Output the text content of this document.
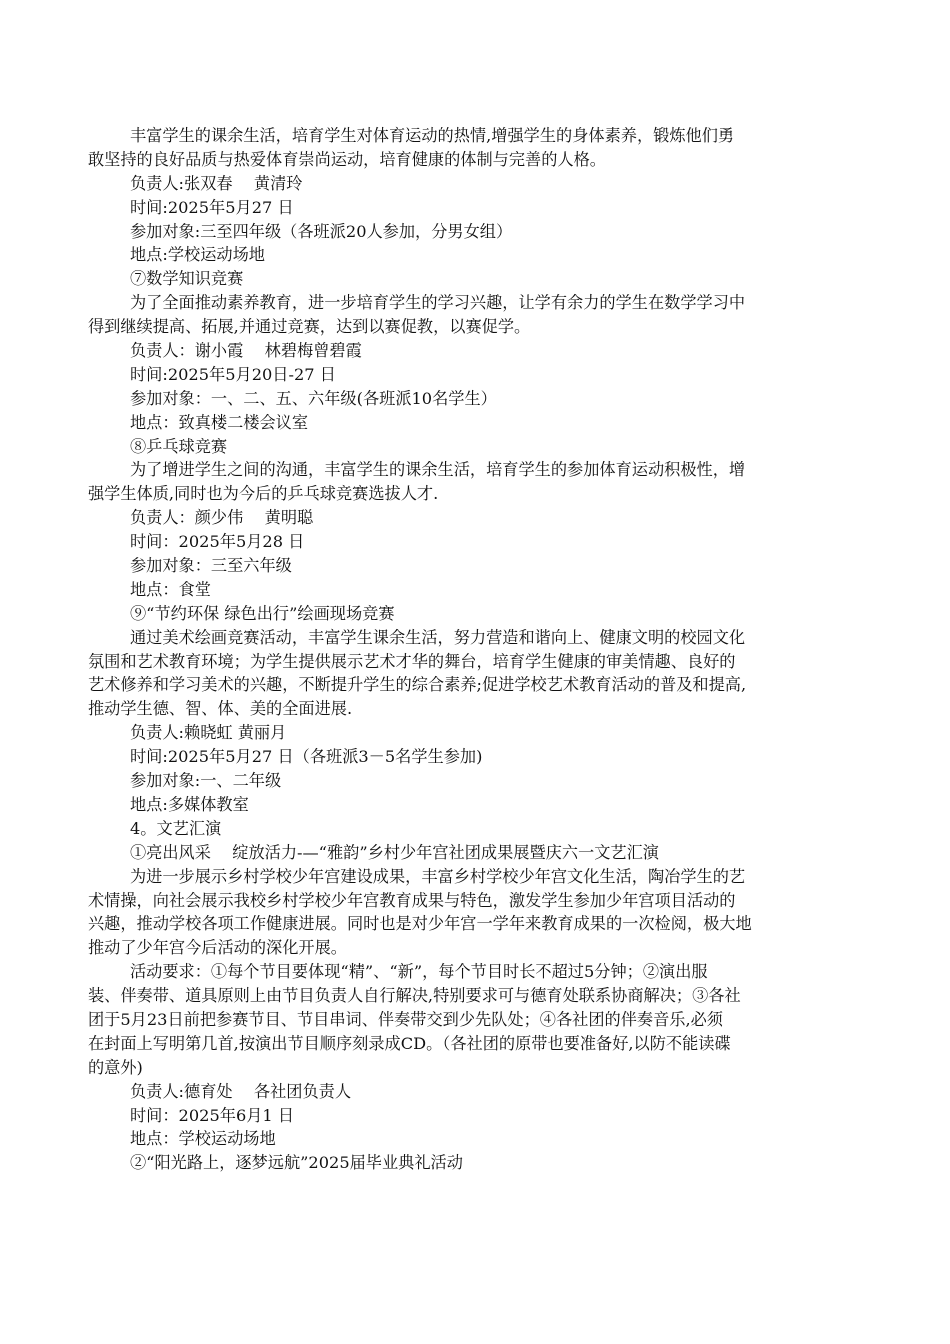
丰富学生的课余生活，培育学生对体育运动的热情,增强学生的身体素养，锻炼他们勇
敢坚持的良好品质与热爱体育崇尚运动，培育健康的体制与完善的人格。
负责人:张双春　 黄清玲
时间:2025年5月27 日
参加对象:三至四年级（各班派20人参加，分男女组）
地点:学校运动场地
⑦数学知识竞赛
为了全面推动素养教育，进一步培育学生的学习兴趣，让学有余力的学生在数学学习中
得到继续提高、拓展,并通过竞赛，达到以赛促教，以赛促学。
负责人：谢小霞　 林碧梅曾碧霞
时间:2025年5月20日-27 日
参加对象：一、二、五、六年级(各班派10名学生）
地点：致真楼二楼会议室
⑧乒乓球竞赛
为了增进学生之间的沟通，丰富学生的课余生活，培育学生的参加体育运动积极性，增
强学生体质,同时也为今后的乒乓球竞赛选拔人才.
负责人：颜少伟　 黄明聪
时间：2025年5月28 日
参加对象：三至六年级
地点：食堂
⑨“节约环保 绿色出行”绘画现场竞赛
通过美术绘画竞赛活动，丰富学生课余生活，努力营造和谐向上、健康文明的校园文化
氛围和艺术教育环境；为学生提供展示艺术才华的舞台，培育学生健康的审美情趣、良好的
艺术修养和学习美术的兴趣，不断提升学生的综合素养;促进学校艺术教育活动的普及和提高,
推动学生德、智、体、美的全面进展.
负责人:赖晓虹 黄丽月
时间:2025年5月27 日（各班派3－5名学生参加)
参加对象:一、二年级
地点:多媒体教室
4。文艺汇演
①亮出风采　 绽放活力-—“雅韵”乡村少年宫社团成果展暨庆六一文艺汇演
为进一步展示乡村学校少年宫建设成果，丰富乡村学校少年宫文化生活，陶冶学生的艺
术情操，向社会展示我校乡村学校少年宫教育成果与特色，激发学生参加少年宫项目活动的
兴趣，推动学校各项工作健康进展。同时也是对少年宫一学年来教育成果的一次检阅，极大地
推动了少年宫今后活动的深化开展。
活动要求：①每个节目要体现“精”、“新”，每个节目时长不超过5分钟；②演出服
装、伴奏带、道具原则上由节目负责人自行解决,特别要求可与德育处联系协商解决；③各社
团于5月23日前把参赛节目、节目串词、伴奏带交到少先队处；④各社团的伴奏音乐,必须
在封面上写明第几首,按演出节目顺序刻录成CD。（各社团的原带也要准备好,以防不能读碟
的意外)
负责人:德育处　 各社团负责人
时间：2025年6月1 日
地点：学校运动场地
②“阳光路上，逐梦远航”2025届毕业典礼活动
